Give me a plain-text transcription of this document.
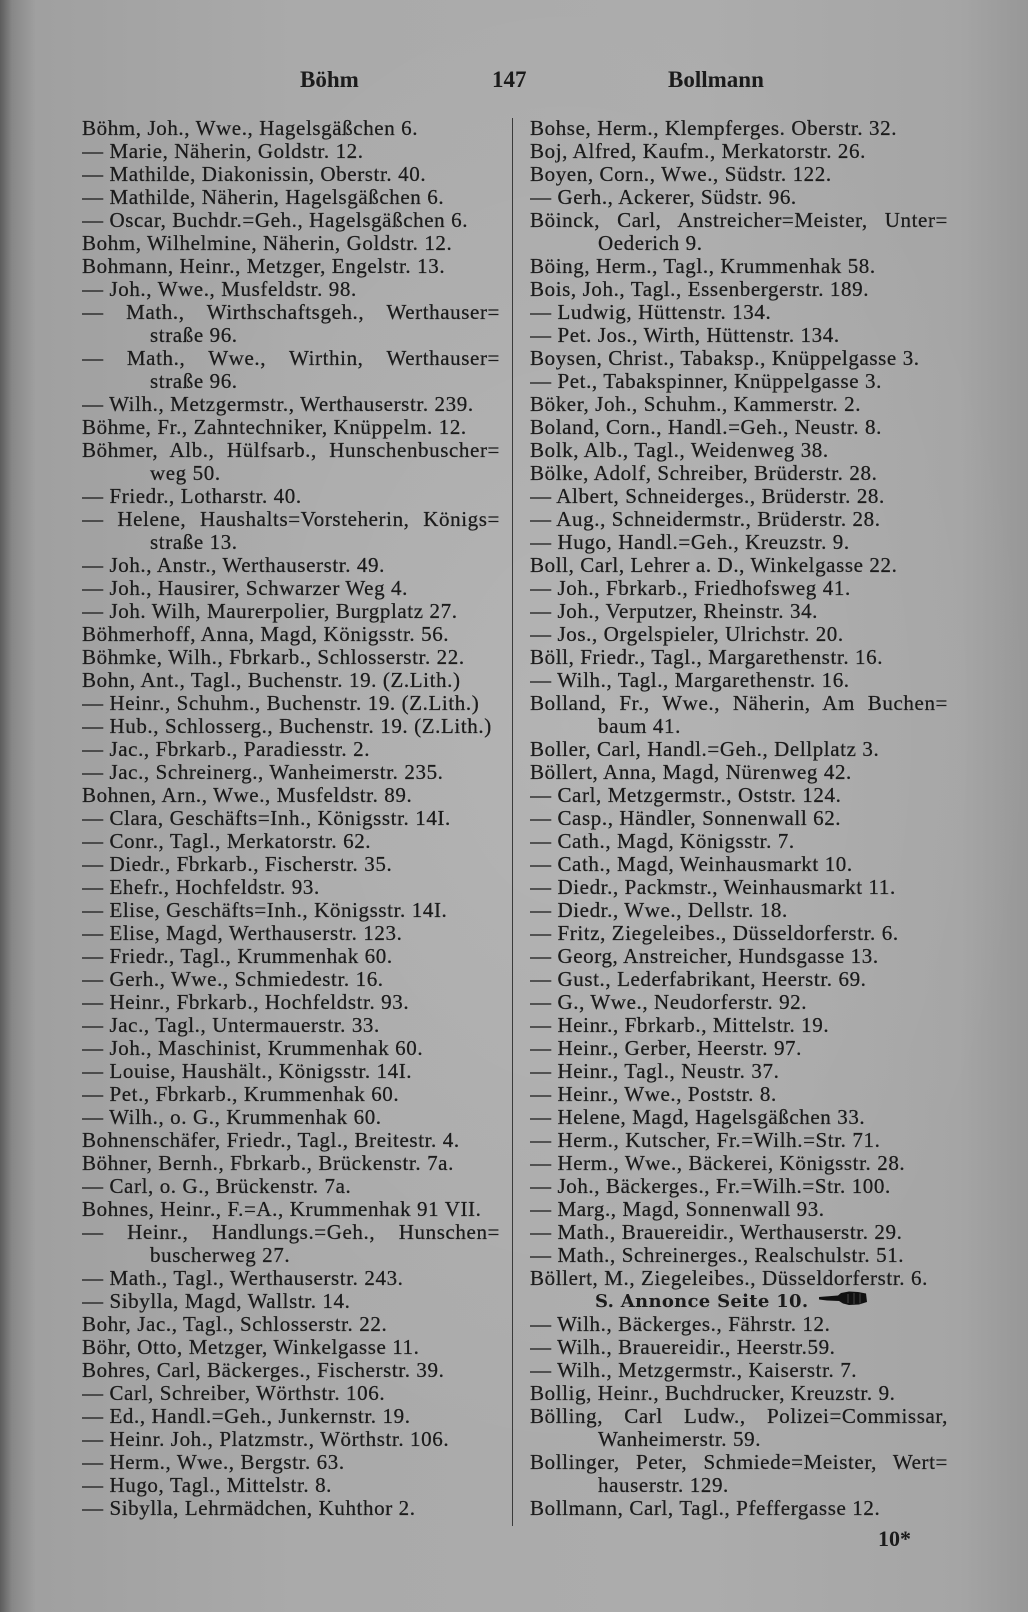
Böhm	147	Bollmann
Böhm, Joh., Wwe., Hagelsgäßchen 6.
— Marie, Näherin, Goldstr. 12.
— Mathilde, Diakonissin, Oberstr. 40.
— Mathilde, Näherin, Hagelsgäßchen 6.
— Oscar, Buchdr.=Geh., Hagelsgäßchen 6.
Bohm, Wilhelmine, Näherin, Goldstr. 12.
Bohmann, Heinr., Metzger, Engelstr. 13.
— Joh., Wwe., Musfeldstr. 98.
— Math., Wirthschaftsgeh., Werthauser=
straße 96.
— Math., Wwe., Wirthin, Werthauser=
straße 96.
— Wilh., Metzgermstr., Werthauserstr. 239.
Böhme, Fr., Zahntechniker, Knüppelm. 12.
Böhmer, Alb., Hülfsarb., Hunschenbuscher=
weg 50.
— Friedr., Lotharstr. 40.
— Helene, Haushalts=Vorsteherin, Königs=
straße 13.
— Joh., Anstr., Werthauserstr. 49.
— Joh., Hausirer, Schwarzer Weg 4.
— Joh. Wilh, Maurerpolier, Burgplatz 27.
Böhmerhoff, Anna, Magd, Königsstr. 56.
Böhmke, Wilh., Fbrkarb., Schlosserstr. 22.
Bohn, Ant., Tagl., Buchenstr. 19. (Z.Lith.)
— Heinr., Schuhm., Buchenstr. 19. (Z.Lith.)
— Hub., Schlosserg., Buchenstr. 19. (Z.Lith.)
— Jac., Fbrkarb., Paradiesstr. 2.
— Jac., Schreinerg., Wanheimerstr. 235.
Bohnen, Arn., Wwe., Musfeldstr. 89.
— Clara, Geschäfts=Inh., Königsstr. 14I.
— Conr., Tagl., Merkatorstr. 62.
— Diedr., Fbrkarb., Fischerstr. 35.
— Ehefr., Hochfeldstr. 93.
— Elise, Geschäfts=Inh., Königsstr. 14I.
— Elise, Magd, Werthauserstr. 123.
— Friedr., Tagl., Krummenhak 60.
— Gerh., Wwe., Schmiedestr. 16.
— Heinr., Fbrkarb., Hochfeldstr. 93.
— Jac., Tagl., Untermauerstr. 33.
— Joh., Maschinist, Krummenhak 60.
— Louise, Haushält., Königsstr. 14I.
— Pet., Fbrkarb., Krummenhak 60.
— Wilh., o. G., Krummenhak 60.
Bohnenschäfer, Friedr., Tagl., Breitestr. 4.
Böhner, Bernh., Fbrkarb., Brückenstr. 7a.
— Carl, o. G., Brückenstr. 7a.
Bohnes, Heinr., F.=A., Krummenhak 91 VII.
— Heinr., Handlungs.=Geh., Hunschen=
buscherweg 27.
— Math., Tagl., Werthauserstr. 243.
— Sibylla, Magd, Wallstr. 14.
Bohr, Jac., Tagl., Schlosserstr. 22.
Böhr, Otto, Metzger, Winkelgasse 11.
Bohres, Carl, Bäckerges., Fischerstr. 39.
— Carl, Schreiber, Wörthstr. 106.
— Ed., Handl.=Geh., Junkernstr. 19.
— Heinr. Joh., Platzmstr., Wörthstr. 106.
— Herm., Wwe., Bergstr. 63.
— Hugo, Tagl., Mittelstr. 8.
— Sibylla, Lehrmädchen, Kuhthor 2.
Bohse, Herm., Klempferges. Oberstr. 32.
Boj, Alfred, Kaufm., Merkatorstr. 26.
Boyen, Corn., Wwe., Südstr. 122.
— Gerh., Ackerer, Südstr. 96.
Böinck, Carl, Anstreicher=Meister, Unter=
Oederich 9.
Böing, Herm., Tagl., Krummenhak 58.
Bois, Joh., Tagl., Essenbergerstr. 189.
— Ludwig, Hüttenstr. 134.
— Pet. Jos., Wirth, Hüttenstr. 134.
Boysen, Christ., Tabaksp., Knüppelgasse 3.
— Pet., Tabakspinner, Knüppelgasse 3.
Böker, Joh., Schuhm., Kammerstr. 2.
Boland, Corn., Handl.=Geh., Neustr. 8.
Bolk, Alb., Tagl., Weidenweg 38.
Bölke, Adolf, Schreiber, Brüderstr. 28.
— Albert, Schneiderges., Brüderstr. 28.
— Aug., Schneidermstr., Brüderstr. 28.
— Hugo, Handl.=Geh., Kreuzstr. 9.
Boll, Carl, Lehrer a. D., Winkelgasse 22.
— Joh., Fbrkarb., Friedhofsweg 41.
— Joh., Verputzer, Rheinstr. 34.
— Jos., Orgelspieler, Ulrichstr. 20.
Böll, Friedr., Tagl., Margarethenstr. 16.
— Wilh., Tagl., Margarethenstr. 16.
Bolland, Fr., Wwe., Näherin, Am Buchen=
baum 41.
Boller, Carl, Handl.=Geh., Dellplatz 3.
Böllert, Anna, Magd, Nürenweg 42.
— Carl, Metzgermstr., Oststr. 124.
— Casp., Händler, Sonnenwall 62.
— Cath., Magd, Königsstr. 7.
— Cath., Magd, Weinhausmarkt 10.
— Diedr., Packmstr., Weinhausmarkt 11.
— Diedr., Wwe., Dellstr. 18.
— Fritz, Ziegeleibes., Düsseldorferstr. 6.
— Georg, Anstreicher, Hundsgasse 13.
— Gust., Lederfabrikant, Heerstr. 69.
— G., Wwe., Neudorferstr. 92.
— Heinr., Fbrkarb., Mittelstr. 19.
— Heinr., Gerber, Heerstr. 97.
— Heinr., Tagl., Neustr. 37.
— Heinr., Wwe., Poststr. 8.
— Helene, Magd, Hagelsgäßchen 33.
— Herm., Kutscher, Fr.=Wilh.=Str. 71.
— Herm., Wwe., Bäckerei, Königsstr. 28.
— Joh., Bäckerges., Fr.=Wilh.=Str. 100.
— Marg., Magd, Sonnenwall 93.
— Math., Brauereidir., Werthauserstr. 29.
— Math., Schreinerges., Realschulstr. 51.
Böllert, M., Ziegeleibes., Düsseldorferstr. 6.
S. Annonce Seite 10.
— Wilh., Bäckerges., Fährstr. 12.
— Wilh., Brauereidir., Heerstr.59.
— Wilh., Metzgermstr., Kaiserstr. 7.
Bollig, Heinr., Buchdrucker, Kreuzstr. 9.
Bölling, Carl Ludw., Polizei=Commissar,
Wanheimerstr. 59.
Bollinger, Peter, Schmiede=Meister, Wert=
hauserstr. 129.
Bollmann, Carl, Tagl., Pfeffergasse 12.
10*
